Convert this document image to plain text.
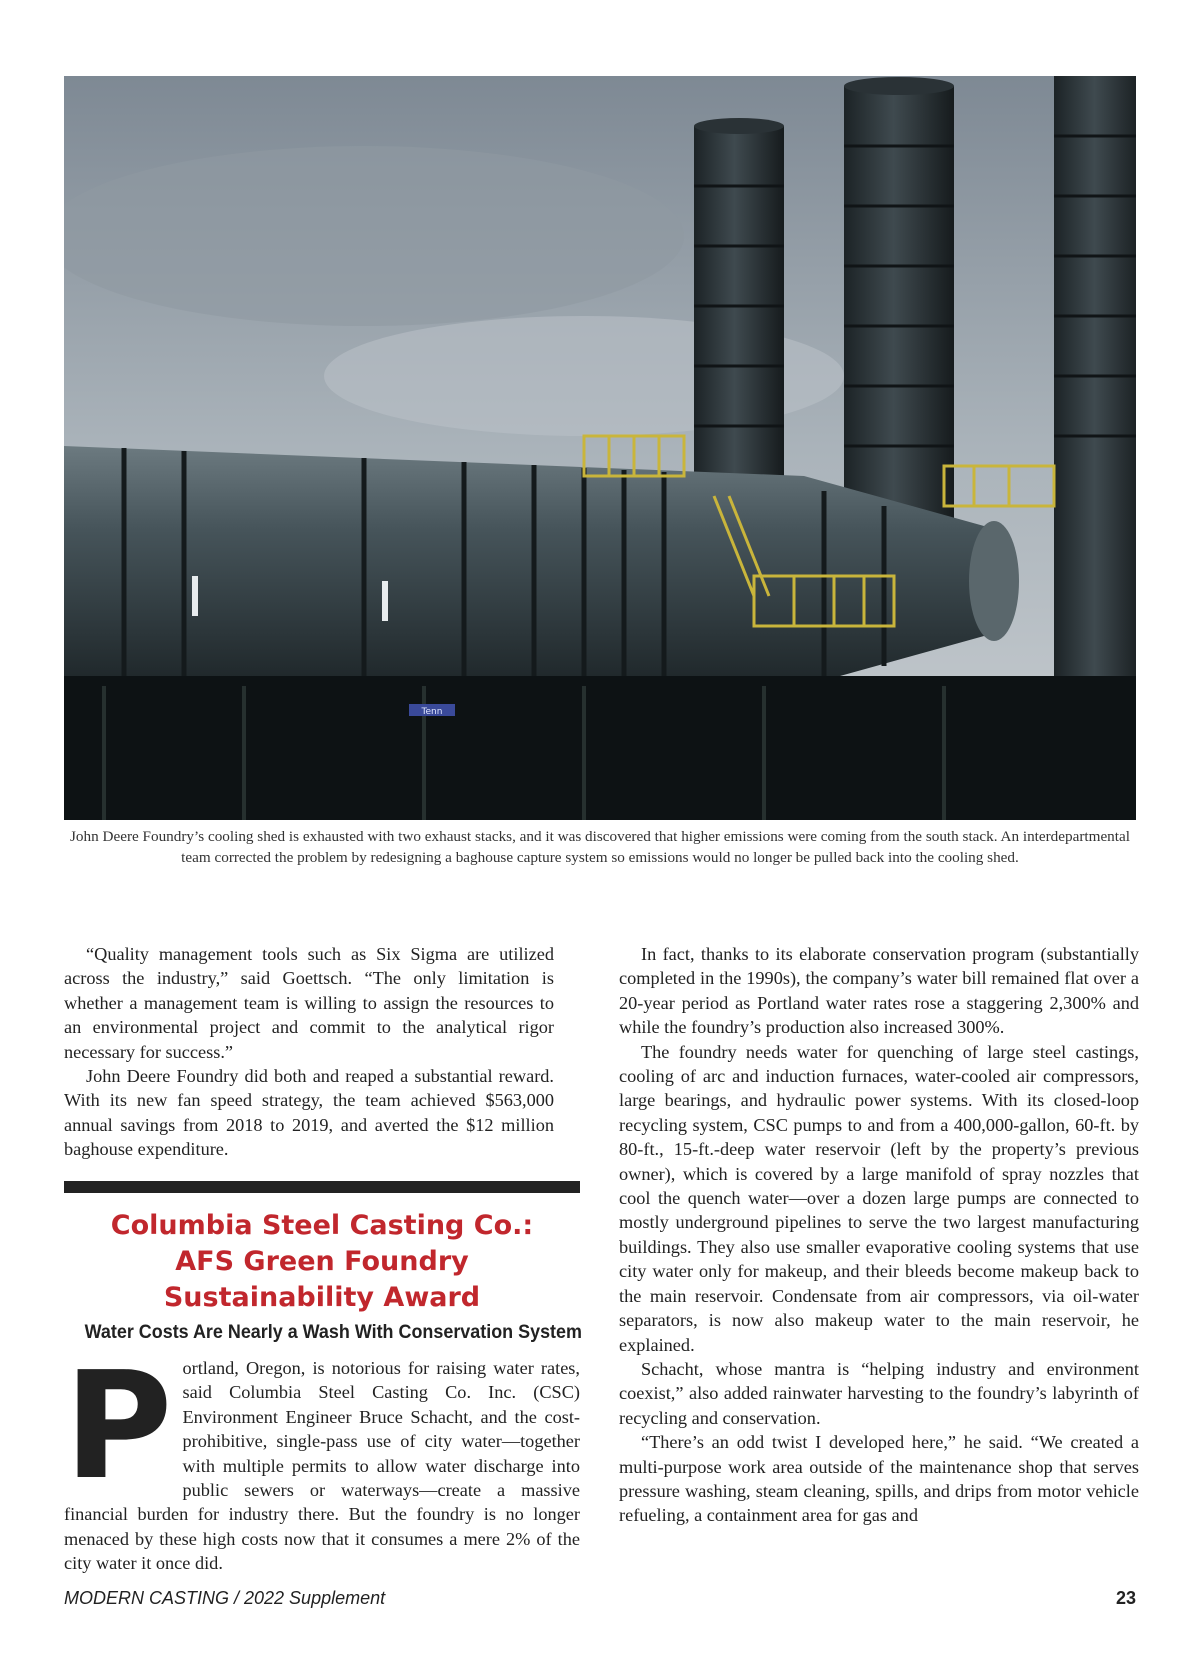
Tenn
John Deere Foundry’s cooling shed is exhausted with two exhaust stacks, and it was discovered that higher emissions were coming from the south stack. An interdepartmental team corrected the problem by redesigning a baghouse capture system so emissions would no longer be pulled back into the cooling shed.

“Quality management tools such as Six Sigma are utilized across the industry,” said Goettsch. “The only limitation is whether a management team is willing to assign the resources to an environmental project and commit to the analytical rigor necessary for success.”

John Deere Foundry did both and reaped a substantial reward. With its new fan speed strategy, the team achieved $563,000 annual savings from 2018 to 2019, and averted the $12 million baghouse expenditure.

Columbia Steel Casting Co.:
AFS Green Foundry
Sustainability Award
Water Costs Are Nearly a Wash With Conservation System
P ortland, Oregon, is notorious for raising water rates, said Columbia Steel Casting Co. Inc. (CSC) Environment Engineer Bruce Schacht, and the cost-prohibitive, single-pass use of city water—together with multiple permits to allow water discharge into public sewers or waterways—create a massive financial burden for industry there. But the foundry is no longer menaced by these high costs now that it consumes a mere 2% of the city water it once did.

In fact, thanks to its elaborate conservation program (substantially completed in the 1990s), the company’s water bill remained flat over a 20-year period as Portland water rates rose a staggering 2,300% and while the foundry’s production also increased 300%.

The foundry needs water for quenching of large steel castings, cooling of arc and induction furnaces, water-cooled air compressors, large bearings, and hydraulic power systems. With its closed-loop recycling system, CSC pumps to and from a 400,000-gallon, 60-ft. by 80-ft., 15-ft.-deep water reservoir (left by the property’s previous owner), which is covered by a large manifold of spray nozzles that cool the quench water—over a dozen large pumps are connected to mostly underground pipelines to serve the two largest manufacturing buildings. They also use smaller evaporative cooling systems that use city water only for makeup, and their bleeds become makeup back to the main reservoir. Condensate from air compressors, via oil-water separators, is now also makeup water to the main reservoir, he explained.

Schacht, whose mantra is “helping industry and environment coexist,” also added rainwater harvesting to the foundry’s labyrinth of recycling and conservation.

“There’s an odd twist I developed here,” he said. “We created a multi-purpose work area outside of the maintenance shop that serves pressure washing, steam cleaning, spills, and drips from motor vehicle refueling, a containment area for gas and

MODERN CASTING / 2022 Supplement	23
